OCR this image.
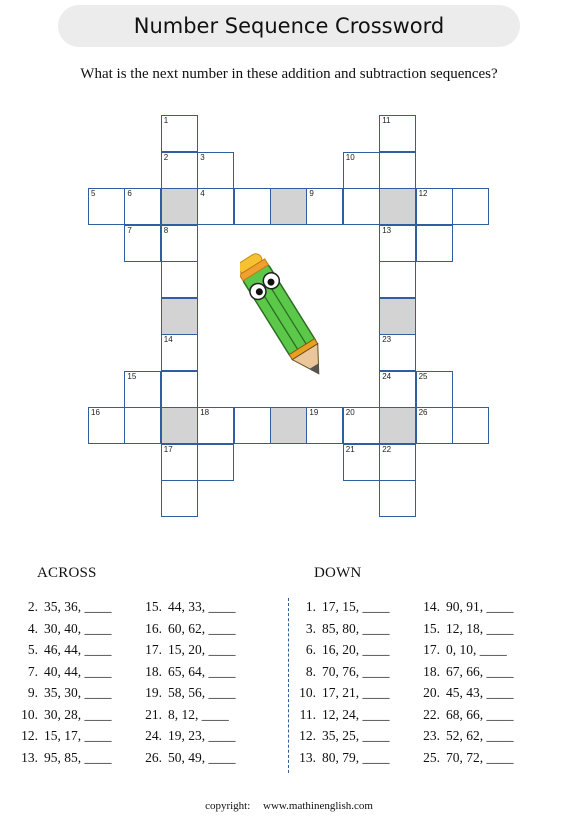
Number Sequence Crossword
What is the next number in these addition and subtraction sequences?
1	11
2	3	10
5	6	4	9	12
7	8	13
14	23
15	24	25
16	18	19	20	26
17	21	22
ACROSS	DOWN
2. 35, 36, ____
4. 30, 40, ____
5. 46, 44, ____
7. 40, 44, ____
9. 35, 30, ____
10. 30, 28, ____
12. 15, 17, ____
13. 95, 85, ____
15. 44, 33, ____
16. 60, 62, ____
17. 15, 20, ____
18. 65, 64, ____
19. 58, 56, ____
21. 8, 12, ____
24. 19, 23, ____
26. 50, 49, ____
1. 17, 15, ____
3. 85, 80, ____
6. 16, 20, ____
8. 70, 76, ____
10. 17, 21, ____
11. 12, 24, ____
12. 35, 25, ____
13. 80, 79, ____
14. 90, 91, ____
15. 12, 18, ____
17. 0, 10, ____
18. 67, 66, ____
20. 45, 43, ____
22. 68, 66, ____
23. 52, 62, ____
25. 70, 72, ____
copyright: www.mathinenglish.com
